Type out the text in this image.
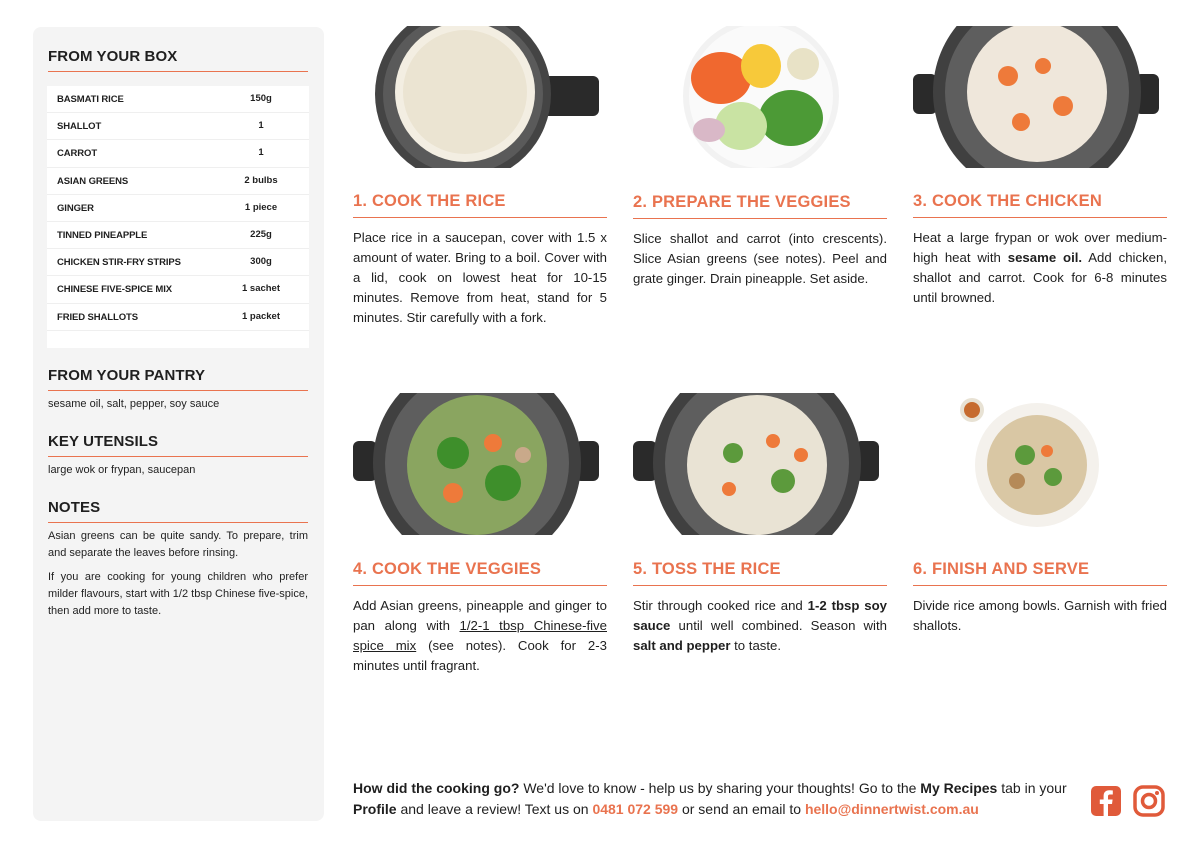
FROM YOUR BOX
BASMATI RICE	150g
SHALLOT	1
CARROT	1
ASIAN GREENS	2 bulbs
GINGER	1 piece
TINNED PINEAPPLE	225g
CHICKEN STIR-FRY STRIPS	300g
CHINESE FIVE-SPICE MIX	1 sachet
FRIED SHALLOTS	1 packet
FROM YOUR PANTRY
sesame oil, salt, pepper, soy sauce
KEY UTENSILS
large wok or frypan, saucepan
NOTES
Asian greens can be quite sandy. To prepare, trim and separate the leaves before rinsing.
If you are cooking for young children who prefer milder flavours, start with 1/2 tbsp Chinese five-spice, then add more to taste.
1. COOK THE RICE
Place rice in a saucepan, cover with 1.5 x amount of water. Bring to a boil. Cover with a lid, cook on lowest heat for 10-15 minutes. Remove from heat, stand for 5 minutes. Stir carefully with a fork.
2. PREPARE THE VEGGIES
Slice shallot and carrot (into crescents). Slice Asian greens (see notes). Peel and grate ginger. Drain pineapple. Set aside.
3. COOK THE CHICKEN
Heat a large frypan or wok over medium-high heat with sesame oil. Add chicken, shallot and carrot. Cook for 6-8 minutes until browned.
4. COOK THE VEGGIES
Add Asian greens, pineapple and ginger to pan along with 1/2-1 tbsp Chinese-five spice mix (see notes). Cook for 2-3 minutes until fragrant.
5. TOSS THE RICE
Stir through cooked rice and 1-2 tbsp soy sauce until well combined. Season with salt and pepper to taste.
6. FINISH AND SERVE
Divide rice among bowls. Garnish with fried shallots.
How did the cooking go? We'd love to know - help us by sharing your thoughts! Go to the My Recipes tab in your Profile and leave a review! Text us on 0481 072 599 or send an email to hello@dinnertwist.com.au
